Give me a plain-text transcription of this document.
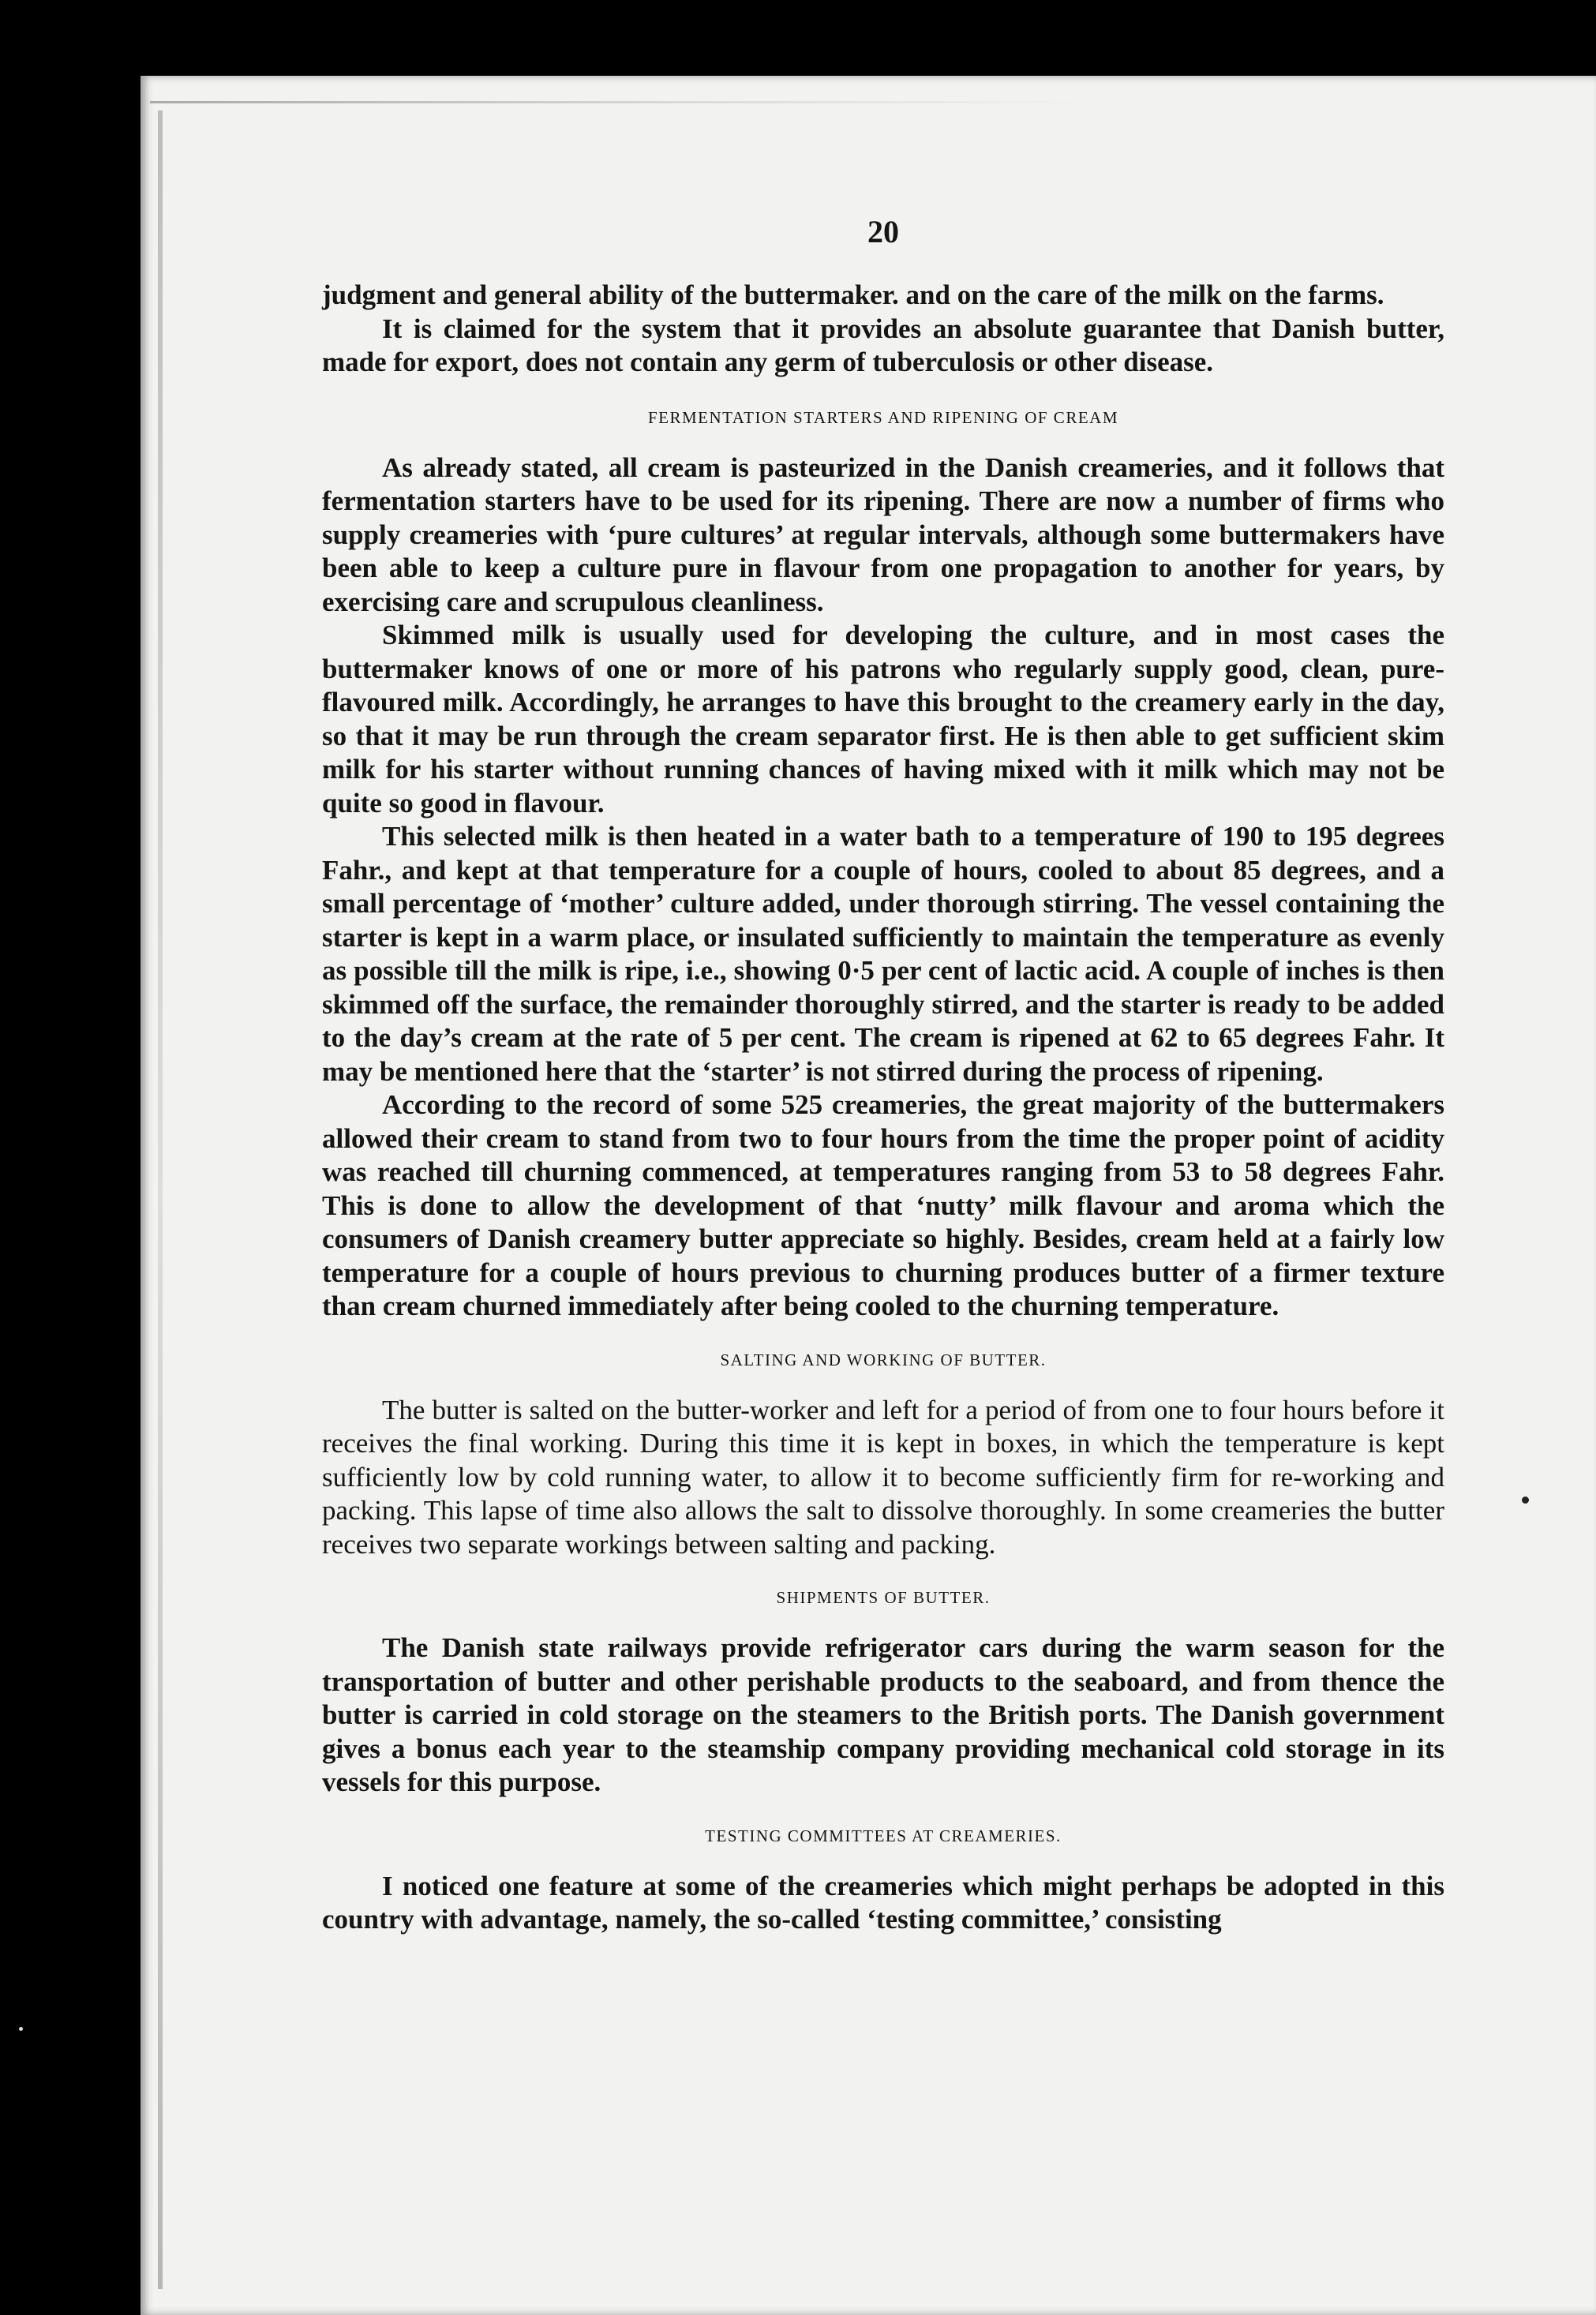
20

judgment and general ability of the buttermaker. and on the care of the milk on the farms.

It is claimed for the system that it provides an absolute guarantee that Danish butter, made for export, does not contain any germ of tuberculosis or other disease.

FERMENTATION STARTERS AND RIPENING OF CREAM

As already stated, all cream is pasteurized in the Danish creameries, and it follows that fermentation starters have to be used for its ripening. There are now a number of firms who supply creameries with ‘pure cultures’ at regular intervals, although some buttermakers have been able to keep a culture pure in flavour from one propagation to another for years, by exercising care and scrupulous cleanliness.

Skimmed milk is usually used for developing the culture, and in most cases the buttermaker knows of one or more of his patrons who regularly supply good, clean, pure-flavoured milk. Accordingly, he arranges to have this brought to the creamery early in the day, so that it may be run through the cream separator first. He is then able to get sufficient skim milk for his starter without running chances of having mixed with it milk which may not be quite so good in flavour.

This selected milk is then heated in a water bath to a temperature of 190 to 195 degrees Fahr., and kept at that temperature for a couple of hours, cooled to about 85 degrees, and a small percentage of ‘mother’ culture added, under thorough stirring. The vessel containing the starter is kept in a warm place, or insulated sufficiently to maintain the temperature as evenly as possible till the milk is ripe, i.e., showing 0·5 per cent of lactic acid. A couple of inches is then skimmed off the surface, the remainder thoroughly stirred, and the starter is ready to be added to the day’s cream at the rate of 5 per cent. The cream is ripened at 62 to 65 degrees Fahr. It may be mentioned here that the ‘starter’ is not stirred during the process of ripening.

According to the record of some 525 creameries, the great majority of the buttermakers allowed their cream to stand from two to four hours from the time the proper point of acidity was reached till churning commenced, at temperatures ranging from 53 to 58 degrees Fahr. This is done to allow the development of that ‘nutty’ milk flavour and aroma which the consumers of Danish creamery butter appreciate so highly. Besides, cream held at a fairly low temperature for a couple of hours previous to churning produces butter of a firmer texture than cream churned immediately after being cooled to the churning temperature.

SALTING AND WORKING OF BUTTER.

The butter is salted on the butter-worker and left for a period of from one to four hours before it receives the final working. During this time it is kept in boxes, in which the temperature is kept sufficiently low by cold running water, to allow it to become sufficiently firm for re-working and packing. This lapse of time also allows the salt to dissolve thoroughly. In some creameries the butter receives two separate workings between salting and packing.

SHIPMENTS OF BUTTER.

The Danish state railways provide refrigerator cars during the warm season for the transportation of butter and other perishable products to the seaboard, and from thence the butter is carried in cold storage on the steamers to the British ports. The Danish government gives a bonus each year to the steamship company providing mechanical cold storage in its vessels for this purpose.

TESTING COMMITTEES AT CREAMERIES.

I noticed one feature at some of the creameries which might perhaps be adopted in this country with advantage, namely, the so-called ‘testing committee,’ consisting
